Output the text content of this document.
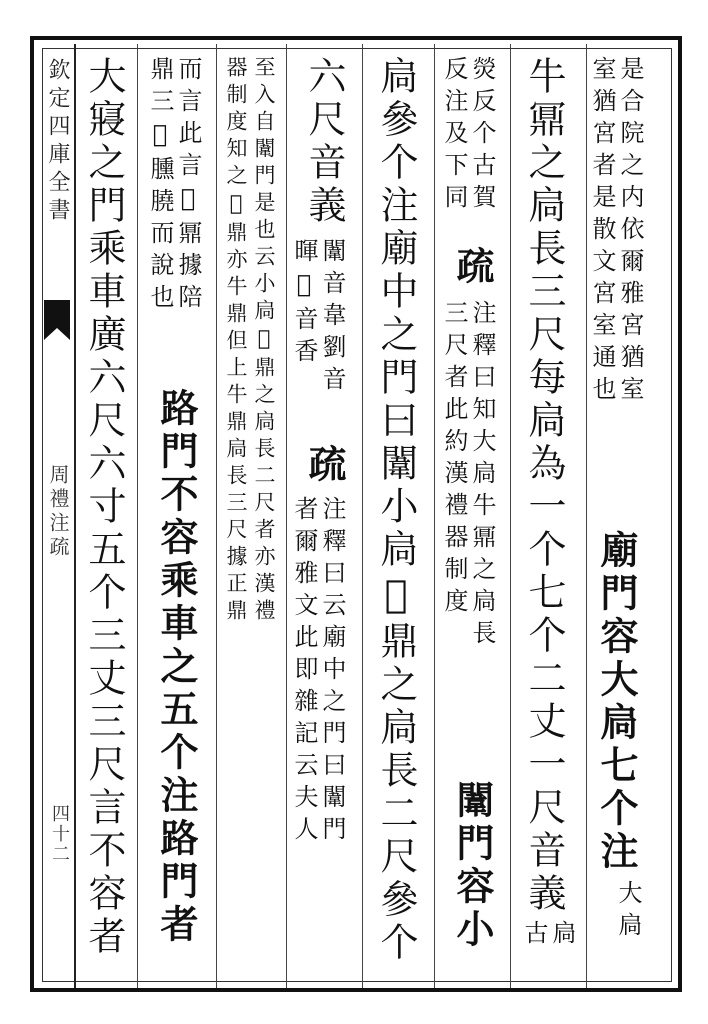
欽定四庫全書
周禮注疏
四十二
是合院之内依爾雅宮猶室
室猶宮者是散文宮室通也
廟門容大扃七个注
大扃
牛鼏之扃長三尺每扃為一个七个二丈一尺音義
扃
古
熒反个古賀
反注及下同
疏
注釋曰知大扃牛鼏之扃長
三尺者此約漢禮器制度
闈門容小
扃參个注廟中之門曰闈小扃𦛤鼎之扃長二尺參个
六尺音義
闈音韋劉音
暉𦛤音香
疏
注釋曰云廟中之門曰闈門
者爾雅文此即雜記云夫人
至入自闈門是也云小扃𦛤鼎之扃長二尺者亦漢禮
器制度知之𦛤鼎亦牛鼎但上牛鼎扃長三尺據正鼎
而言此言𦛤鼏據陪
鼎三𦛤臐膮而說也
路門不容乘車之五个注路門者
大寢之門乘車廣六尺六寸五个三丈三尺言不容者
